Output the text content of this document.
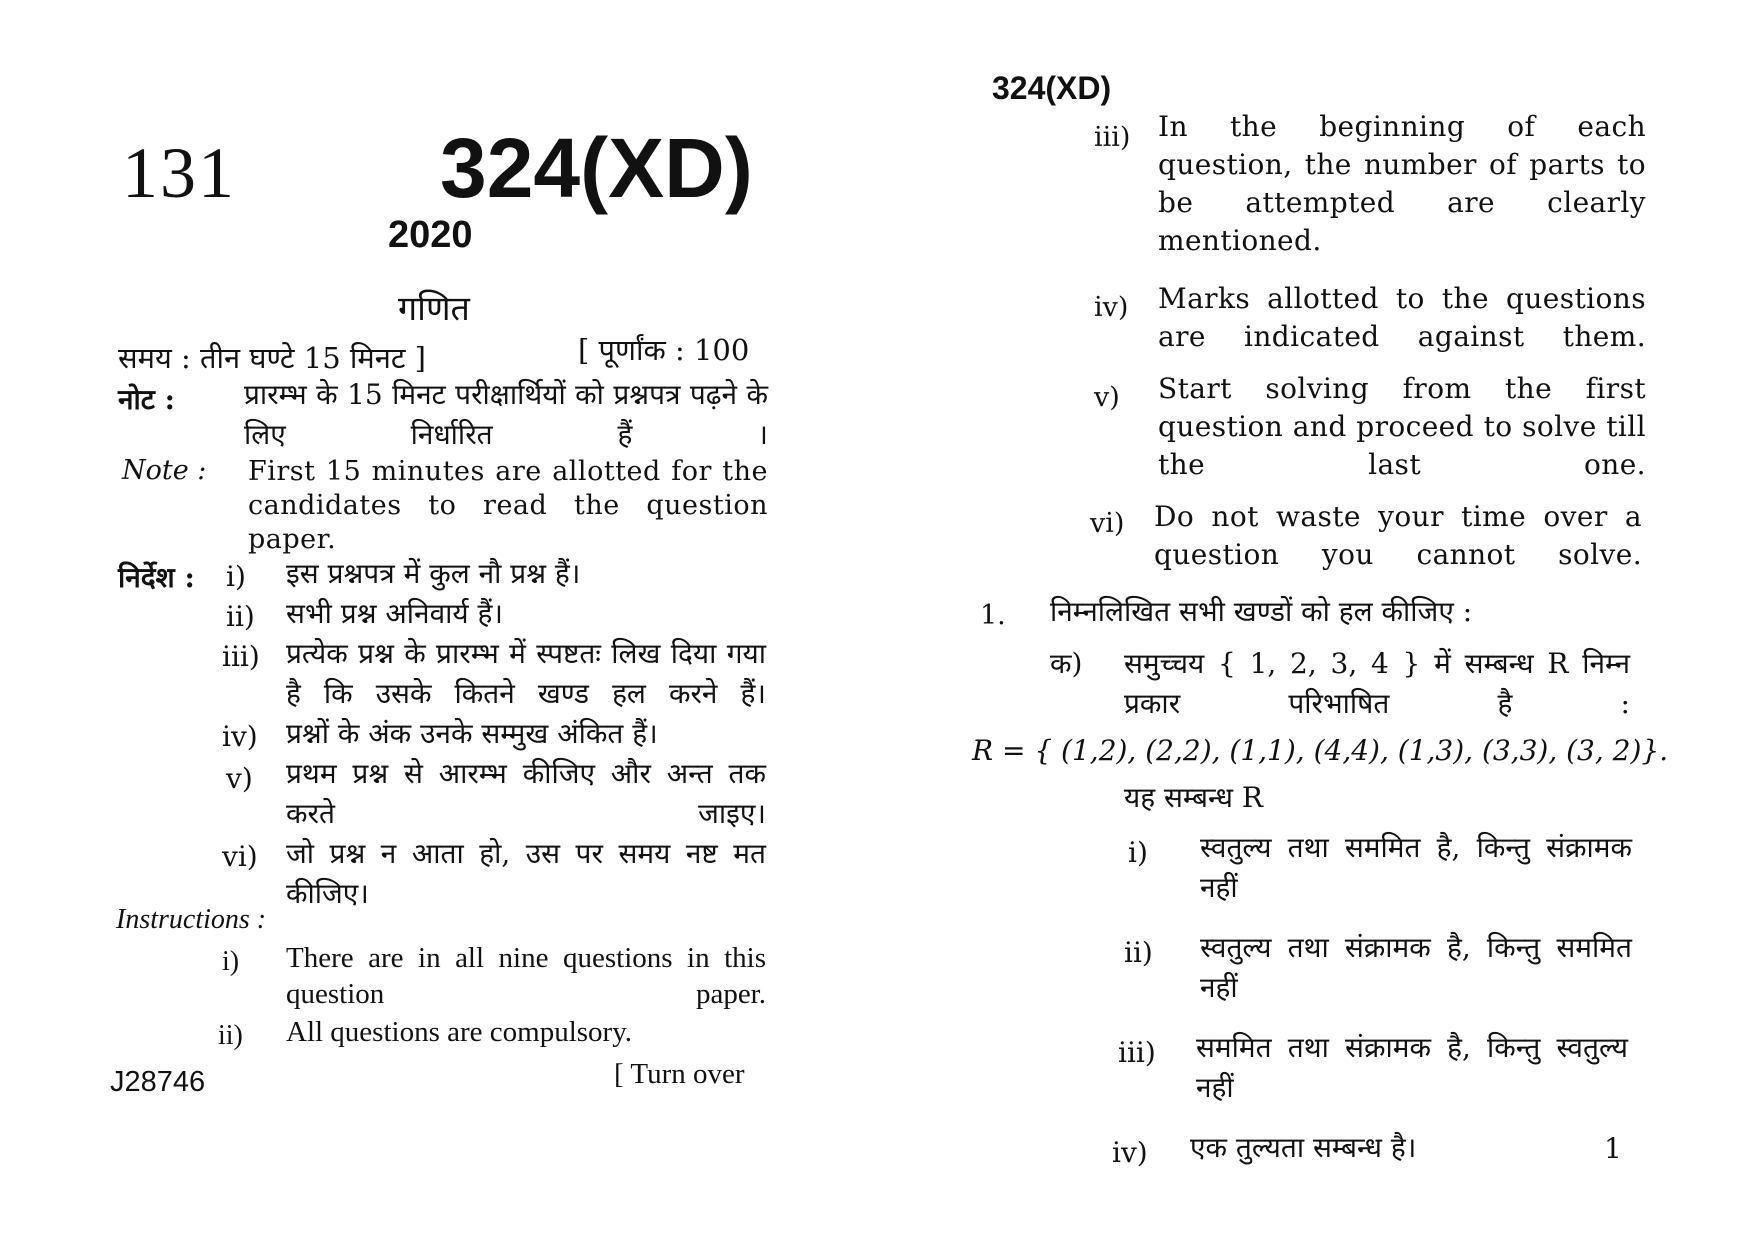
131 324(XD)
2020
गणित
समय : तीन घण्टे 15 मिनट ]	[ पूर्णांक : 100
नोट : प्रारम्भ के 15 मिनट परीक्षार्थियों को प्रश्नपत्र पढ़ने के लिए निर्धारित हैं ।
Note : First 15 minutes are allotted for the candidates to read the question paper.
निर्देश : i) इस प्रश्नपत्र में कुल नौ प्रश्न हैं।
ii) सभी प्रश्न अनिवार्य हैं।
iii) प्रत्येक प्रश्न के प्रारम्भ में स्पष्टतः लिख दिया गया है कि उसके कितने खण्ड हल करने हैं।
iv) प्रश्नों के अंक उनके सम्मुख अंकित हैं।
v) प्रथम प्रश्न से आरम्भ कीजिए और अन्त तक करते जाइए।
vi) जो प्रश्न न आता हो, उस पर समय नष्ट मत कीजिए।
Instructions :
i) There are in all nine questions in this question paper.
ii) All questions are compulsory.
J28746	[ Turn over
324(XD)
iii) In the beginning of each question, the number of parts to be attempted are clearly mentioned.
iv) Marks allotted to the questions are indicated against them.
v) Start solving from the first question and proceed to solve till the last one.
vi) Do not waste your time over a question you cannot solve.
1. निम्नलिखित सभी खण्डों को हल कीजिए :
क) समुच्चय { 1, 2, 3, 4 } में सम्बन्ध R निम्न प्रकार परिभाषित है :
R = { (1,2), (2,2), (1,1), (4,4), (1,3), (3,3), (3, 2)}.
यह सम्बन्ध R
i) स्वतुल्य तथा सममित है, किन्तु संक्रामक नहीं
ii) स्वतुल्य तथा संक्रामक है, किन्तु सममित नहीं
iii) सममित तथा संक्रामक है, किन्तु स्वतुल्य नहीं
iv) एक तुल्यता सम्बन्ध है।	1
